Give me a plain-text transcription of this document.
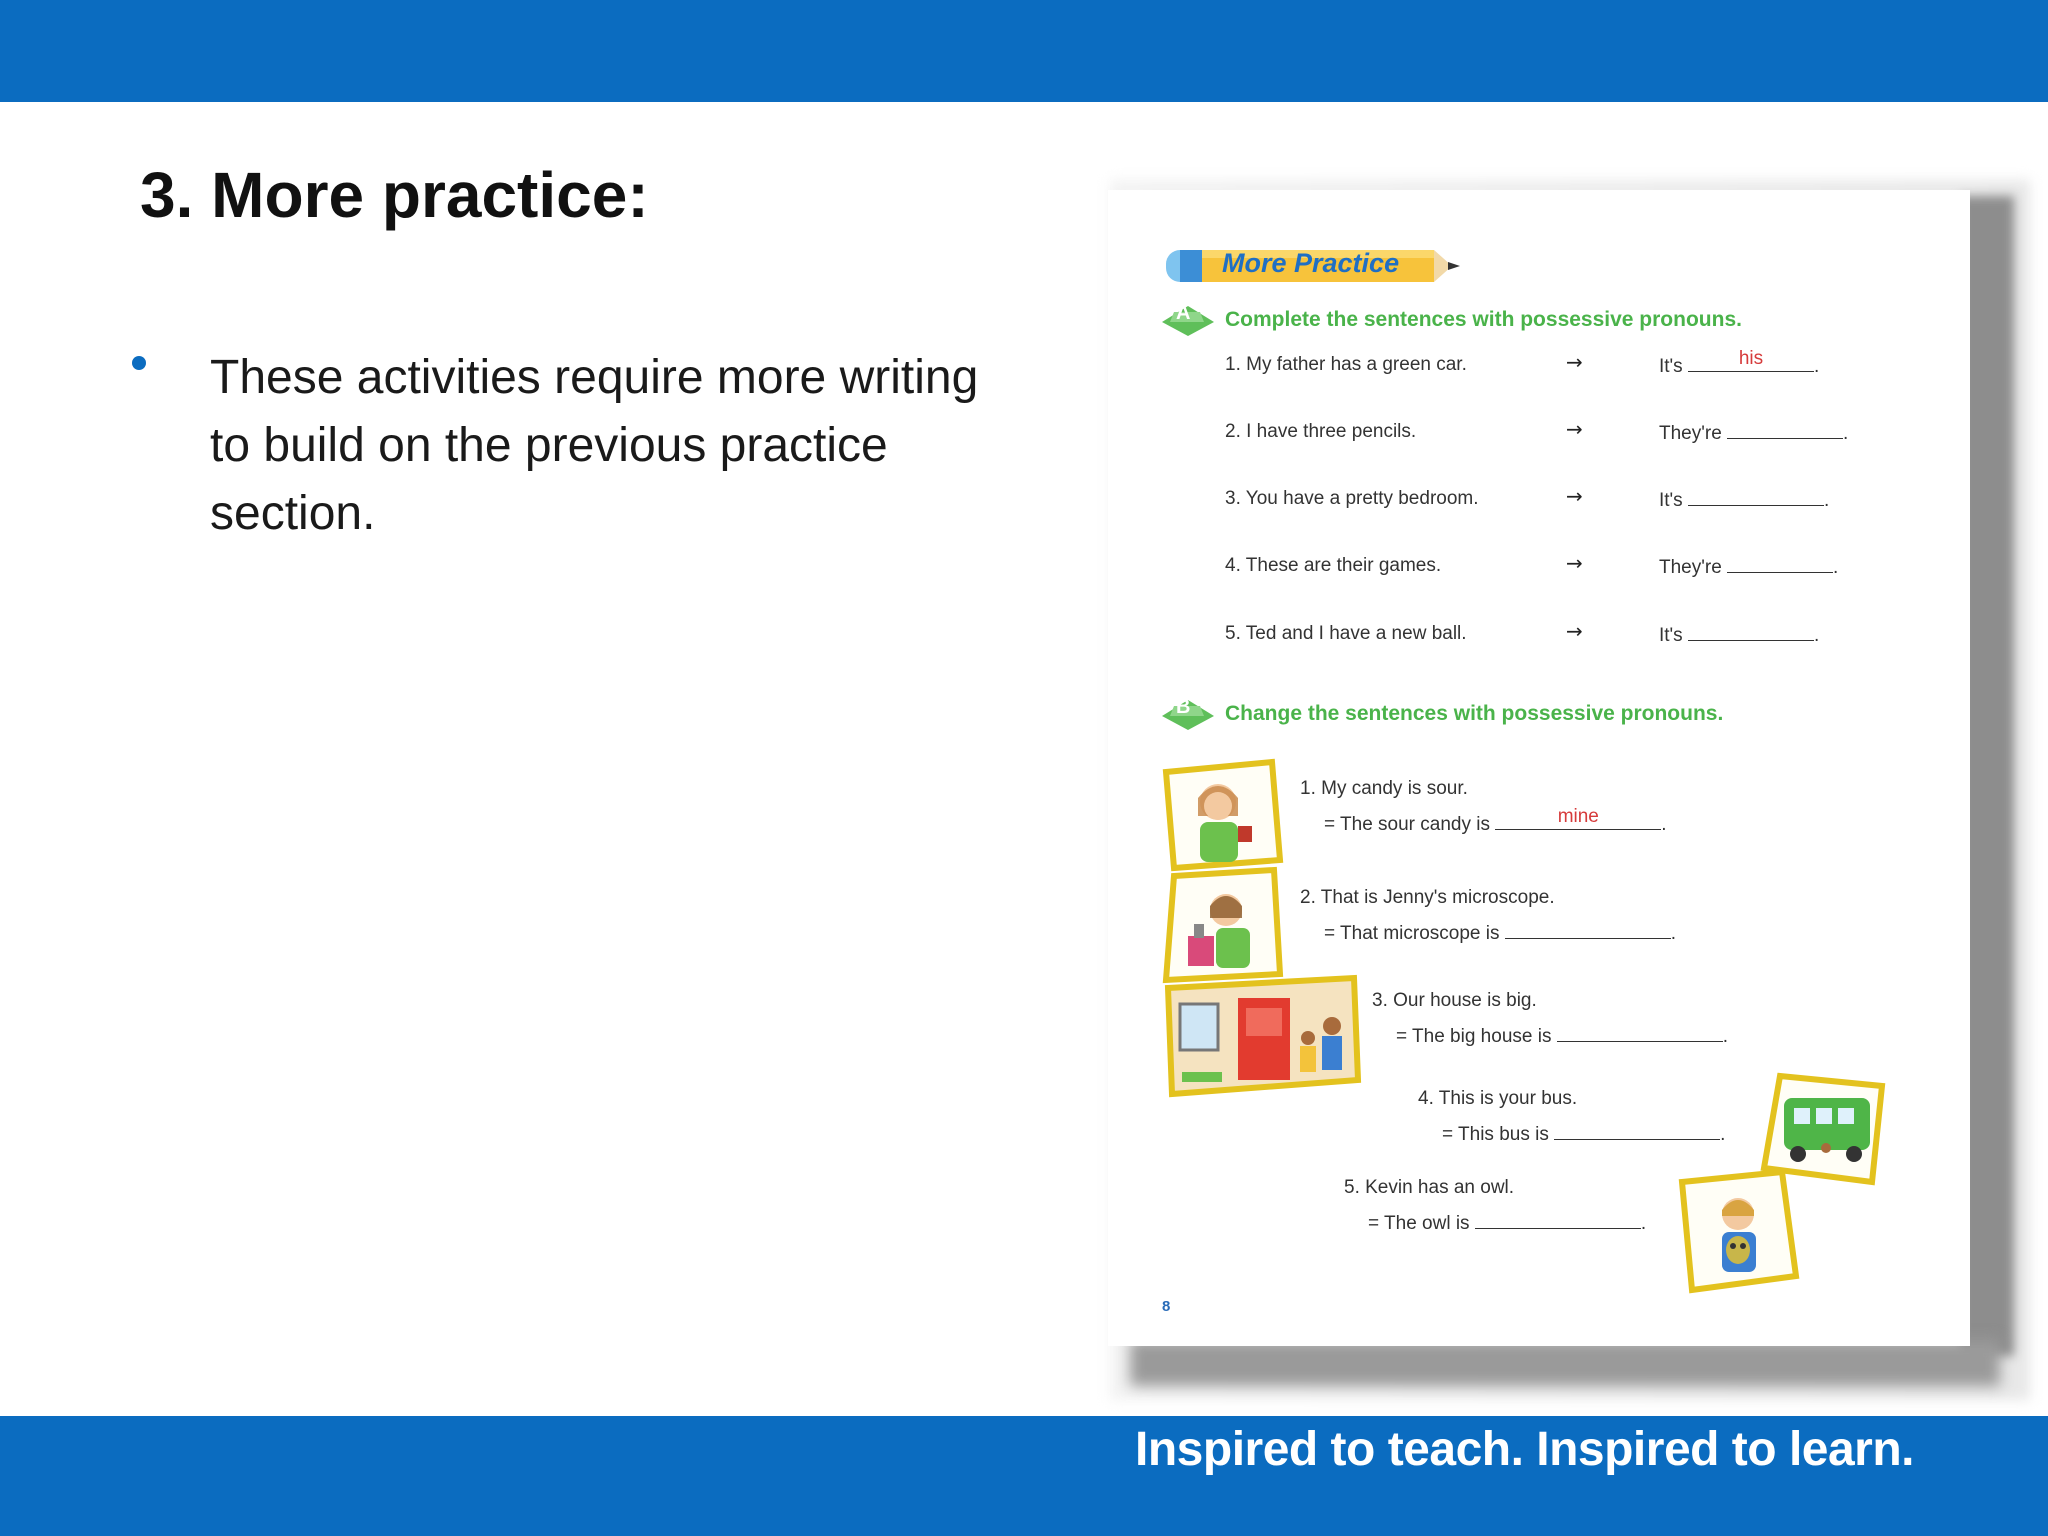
Inspired to teach. Inspired to learn.
3. More practice:
These activities require more writing to build on the previous practice section.
More Practice
A Complete the sentences with possessive pronouns.
1. My father has a green car.	→	It's	his	.
2. I have three pencils.	→	They're	.
3. You have a pretty bedroom.	→	It's	.
4. These are their games.	→	They're	.
5. Ted and I have a new ball.	→	It's	.
B Change the sentences with possessive pronouns.
1. My candy is sour.
= The sour candy is	mine	.
2. That is Jenny's microscope.
= That microscope is	.
3. Our house is big.
= The big house is	.
4. This is your bus.
= This bus is	.
5. Kevin has an owl.
= The owl is	.
8
